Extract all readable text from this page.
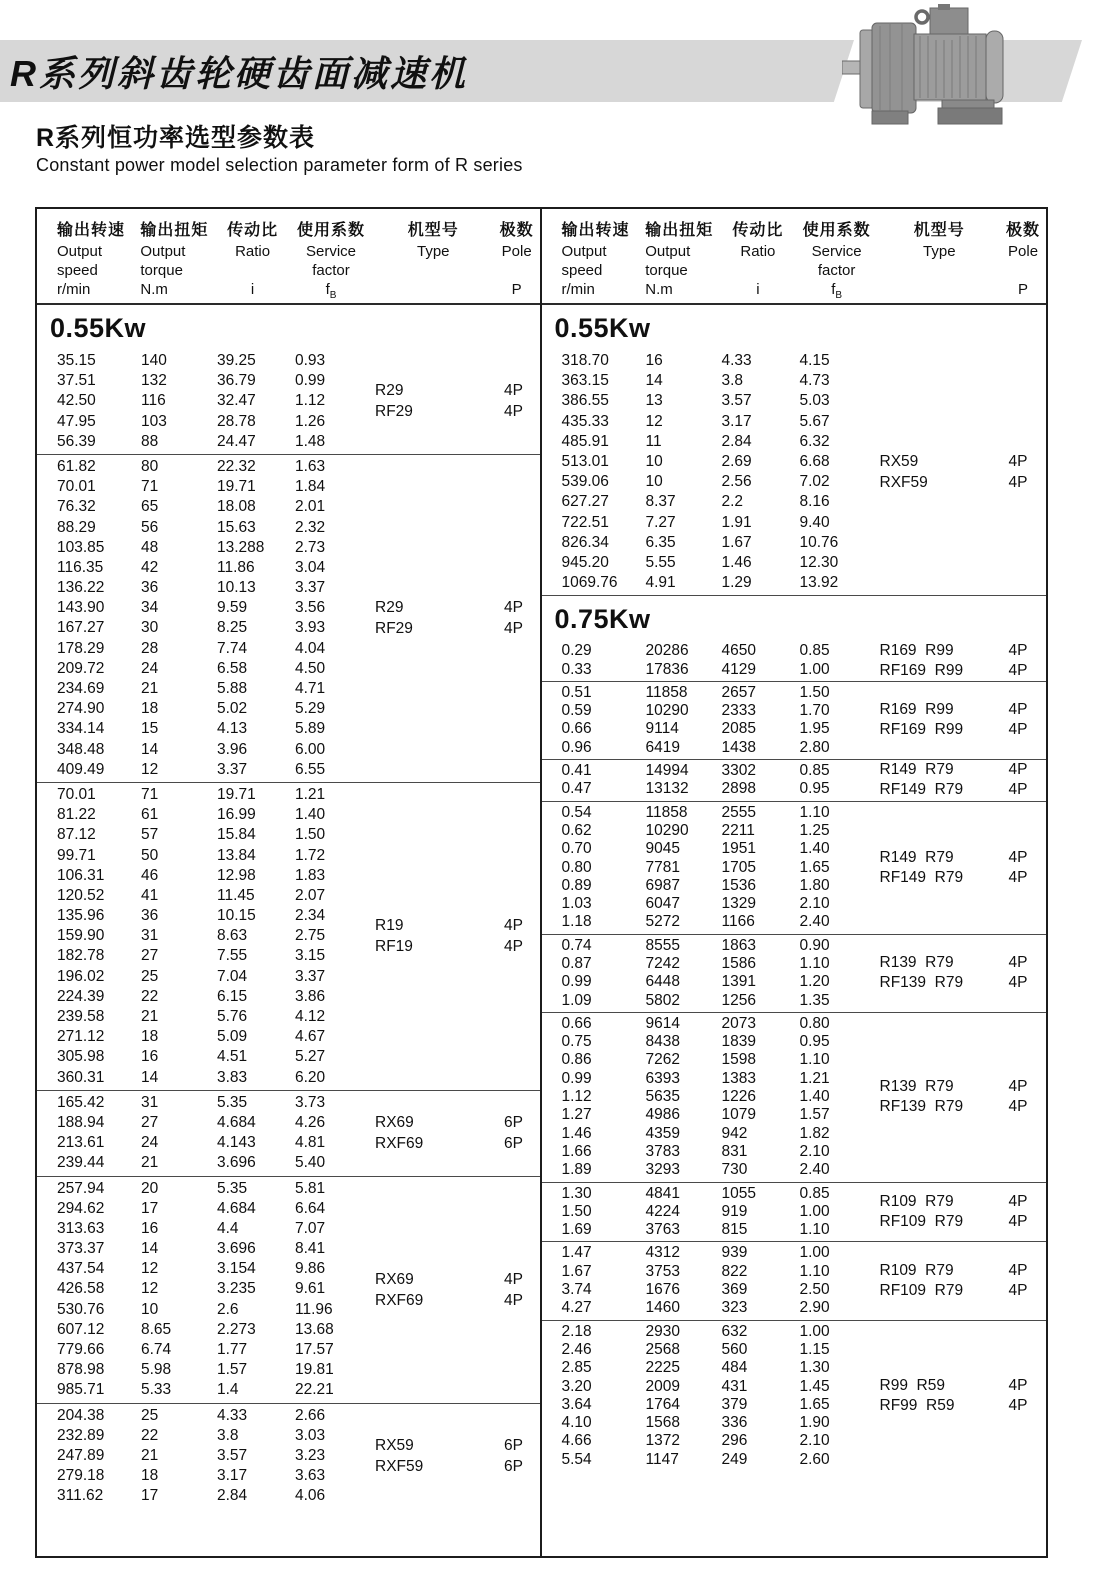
R系列斜齿轮硬齿面减速机
R系列恒功率选型参数表
Constant power model selection parameter form of R series
输出转速
Output
speed
r/min
输出扭矩
Output
torque
N.m
传动比
Ratio
i
使用系数
Service
factor
$f_B$
机型号
Type
极数
Pole
P
0.55Kw
35.15	140	39.25	0.93
37.51	132	36.79	0.99
42.50	116	32.47	1.12
47.95	103	28.78	1.26
56.39	88	24.47	1.48
R29	4P
RF29	4P
61.82	80	22.32	1.63
70.01	71	19.71	1.84
76.32	65	18.08	2.01
88.29	56	15.63	2.32
103.85	48	13.288	2.73
116.35	42	11.86	3.04
136.22	36	10.13	3.37
143.90	34	9.59	3.56
167.27	30	8.25	3.93
178.29	28	7.74	4.04
209.72	24	6.58	4.50
234.69	21	5.88	4.71
274.90	18	5.02	5.29
334.14	15	4.13	5.89
348.48	14	3.96	6.00
409.49	12	3.37	6.55
R29	4P
RF29	4P
70.01	71	19.71	1.21
81.22	61	16.99	1.40
87.12	57	15.84	1.50
99.71	50	13.84	1.72
106.31	46	12.98	1.83
120.52	41	11.45	2.07
135.96	36	10.15	2.34
159.90	31	8.63	2.75
182.78	27	7.55	3.15
196.02	25	7.04	3.37
224.39	22	6.15	3.86
239.58	21	5.76	4.12
271.12	18	5.09	4.67
305.98	16	4.51	5.27
360.31	14	3.83	6.20
R19	4P
RF19	4P
165.42	31	5.35	3.73
188.94	27	4.684	4.26
213.61	24	4.143	4.81
239.44	21	3.696	5.40
RX69	6P
RXF69	6P
257.94	20	5.35	5.81
294.62	17	4.684	6.64
313.63	16	4.4	7.07
373.37	14	3.696	8.41
437.54	12	3.154	9.86
426.58	12	3.235	9.61
530.76	10	2.6	11.96
607.12	8.65	2.273	13.68
779.66	6.74	1.77	17.57
878.98	5.98	1.57	19.81
985.71	5.33	1.4	22.21
RX69	4P
RXF69	4P
204.38	25	4.33	2.66
232.89	22	3.8	3.03
247.89	21	3.57	3.23
279.18	18	3.17	3.63
311.62	17	2.84	4.06
RX59	6P
RXF59	6P
输出转速
Output
speed
r/min
输出扭矩
Output
torque
N.m
传动比
Ratio
i
使用系数
Service
factor
$f_B$
机型号
Type
极数
Pole
P
0.55Kw
318.70	16	4.33	4.15
363.15	14	3.8	4.73
386.55	13	3.57	5.03
435.33	12	3.17	5.67
485.91	11	2.84	6.32
513.01	10	2.69	6.68
539.06	10	2.56	7.02
627.27	8.37	2.2	8.16
722.51	7.27	1.91	9.40
826.34	6.35	1.67	10.76
945.20	5.55	1.46	12.30
1069.76	4.91	1.29	13.92
RX59	4P
RXF59	4P
0.75Kw
0.29	20286	4650	0.85
0.33	17836	4129	1.00
R169  R99	4P
RF169  R99	4P
0.51	11858	2657	1.50
0.59	10290	2333	1.70
0.66	9114	2085	1.95
0.96	6419	1438	2.80
R169  R99	4P
RF169  R99	4P
0.41	14994	3302	0.85
0.47	13132	2898	0.95
R149  R79	4P
RF149  R79	4P
0.54	11858	2555	1.10
0.62	10290	2211	1.25
0.70	9045	1951	1.40
0.80	7781	1705	1.65
0.89	6987	1536	1.80
1.03	6047	1329	2.10
1.18	5272	1166	2.40
R149  R79	4P
RF149  R79	4P
0.74	8555	1863	0.90
0.87	7242	1586	1.10
0.99	6448	1391	1.20
1.09	5802	1256	1.35
R139  R79	4P
RF139  R79	4P
0.66	9614	2073	0.80
0.75	8438	1839	0.95
0.86	7262	1598	1.10
0.99	6393	1383	1.21
1.12	5635	1226	1.40
1.27	4986	1079	1.57
1.46	4359	942	1.82
1.66	3783	831	2.10
1.89	3293	730	2.40
R139  R79	4P
RF139  R79	4P
1.30	4841	1055	0.85
1.50	4224	919	1.00
1.69	3763	815	1.10
R109  R79	4P
RF109  R79	4P
1.47	4312	939	1.00
1.67	3753	822	1.10
3.74	1676	369	2.50
4.27	1460	323	2.90
R109  R79	4P
RF109  R79	4P
2.18	2930	632	1.00
2.46	2568	560	1.15
2.85	2225	484	1.30
3.20	2009	431	1.45
3.64	1764	379	1.65
4.10	1568	336	1.90
4.66	1372	296	2.10
5.54	1147	249	2.60
R99  R59	4P
RF99  R59	4P
